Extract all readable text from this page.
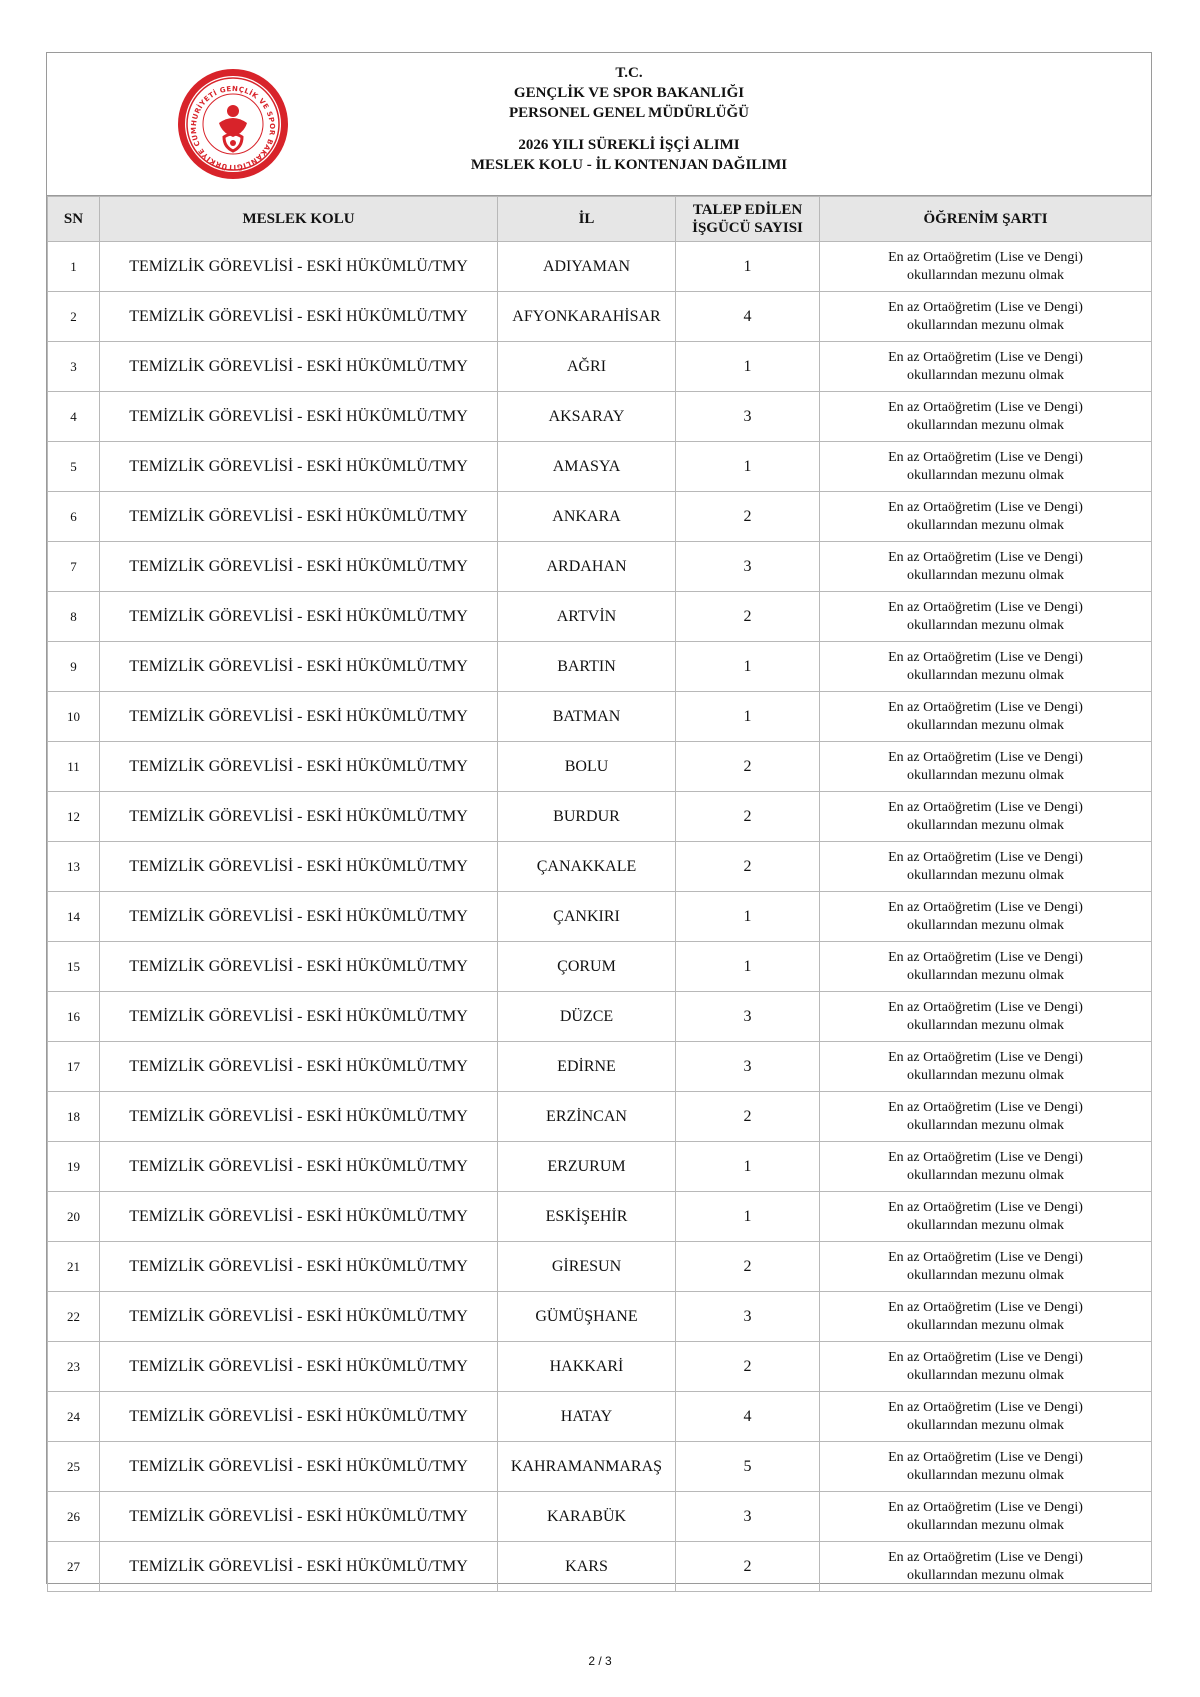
TÜRKİYE CUMHURİYETİ GENÇLİK VE SPOR BAKANLIĞI
T.C.
GENÇLİK VE SPOR BAKANLIĞI
PERSONEL GENEL MÜDÜRLÜĞÜ
2026 YILI SÜREKLİ İŞÇİ ALIMI
MESLEK KOLU - İL KONTENJAN DAĞILIMI
SN	MESLEK KOLU	İL	TALEP EDİLEN
İŞGÜCÜ SAYISI	ÖĞRENİM ŞARTI
1	TEMİZLİK GÖREVLİSİ - ESKİ HÜKÜMLÜ/TMY	ADIYAMAN	1	En az Ortaöğretim (Lise ve Dengi)
okullarından mezunu olmak

2	TEMİZLİK GÖREVLİSİ - ESKİ HÜKÜMLÜ/TMY	AFYONKARAHİSAR	4	En az Ortaöğretim (Lise ve Dengi)
okullarından mezunu olmak

3	TEMİZLİK GÖREVLİSİ - ESKİ HÜKÜMLÜ/TMY	AĞRI	1	En az Ortaöğretim (Lise ve Dengi)
okullarından mezunu olmak

4	TEMİZLİK GÖREVLİSİ - ESKİ HÜKÜMLÜ/TMY	AKSARAY	3	En az Ortaöğretim (Lise ve Dengi)
okullarından mezunu olmak

5	TEMİZLİK GÖREVLİSİ - ESKİ HÜKÜMLÜ/TMY	AMASYA	1	En az Ortaöğretim (Lise ve Dengi)
okullarından mezunu olmak

6	TEMİZLİK GÖREVLİSİ - ESKİ HÜKÜMLÜ/TMY	ANKARA	2	En az Ortaöğretim (Lise ve Dengi)
okullarından mezunu olmak

7	TEMİZLİK GÖREVLİSİ - ESKİ HÜKÜMLÜ/TMY	ARDAHAN	3	En az Ortaöğretim (Lise ve Dengi)
okullarından mezunu olmak

8	TEMİZLİK GÖREVLİSİ - ESKİ HÜKÜMLÜ/TMY	ARTVİN	2	En az Ortaöğretim (Lise ve Dengi)
okullarından mezunu olmak

9	TEMİZLİK GÖREVLİSİ - ESKİ HÜKÜMLÜ/TMY	BARTIN	1	En az Ortaöğretim (Lise ve Dengi)
okullarından mezunu olmak

10	TEMİZLİK GÖREVLİSİ - ESKİ HÜKÜMLÜ/TMY	BATMAN	1	En az Ortaöğretim (Lise ve Dengi)
okullarından mezunu olmak

11	TEMİZLİK GÖREVLİSİ - ESKİ HÜKÜMLÜ/TMY	BOLU	2	En az Ortaöğretim (Lise ve Dengi)
okullarından mezunu olmak

12	TEMİZLİK GÖREVLİSİ - ESKİ HÜKÜMLÜ/TMY	BURDUR	2	En az Ortaöğretim (Lise ve Dengi)
okullarından mezunu olmak

13	TEMİZLİK GÖREVLİSİ - ESKİ HÜKÜMLÜ/TMY	ÇANAKKALE	2	En az Ortaöğretim (Lise ve Dengi)
okullarından mezunu olmak

14	TEMİZLİK GÖREVLİSİ - ESKİ HÜKÜMLÜ/TMY	ÇANKIRI	1	En az Ortaöğretim (Lise ve Dengi)
okullarından mezunu olmak

15	TEMİZLİK GÖREVLİSİ - ESKİ HÜKÜMLÜ/TMY	ÇORUM	1	En az Ortaöğretim (Lise ve Dengi)
okullarından mezunu olmak

16	TEMİZLİK GÖREVLİSİ - ESKİ HÜKÜMLÜ/TMY	DÜZCE	3	En az Ortaöğretim (Lise ve Dengi)
okullarından mezunu olmak

17	TEMİZLİK GÖREVLİSİ - ESKİ HÜKÜMLÜ/TMY	EDİRNE	3	En az Ortaöğretim (Lise ve Dengi)
okullarından mezunu olmak

18	TEMİZLİK GÖREVLİSİ - ESKİ HÜKÜMLÜ/TMY	ERZİNCAN	2	En az Ortaöğretim (Lise ve Dengi)
okullarından mezunu olmak

19	TEMİZLİK GÖREVLİSİ - ESKİ HÜKÜMLÜ/TMY	ERZURUM	1	En az Ortaöğretim (Lise ve Dengi)
okullarından mezunu olmak

20	TEMİZLİK GÖREVLİSİ - ESKİ HÜKÜMLÜ/TMY	ESKİŞEHİR	1	En az Ortaöğretim (Lise ve Dengi)
okullarından mezunu olmak

21	TEMİZLİK GÖREVLİSİ - ESKİ HÜKÜMLÜ/TMY	GİRESUN	2	En az Ortaöğretim (Lise ve Dengi)
okullarından mezunu olmak

22	TEMİZLİK GÖREVLİSİ - ESKİ HÜKÜMLÜ/TMY	GÜMÜŞHANE	3	En az Ortaöğretim (Lise ve Dengi)
okullarından mezunu olmak

23	TEMİZLİK GÖREVLİSİ - ESKİ HÜKÜMLÜ/TMY	HAKKARİ	2	En az Ortaöğretim (Lise ve Dengi)
okullarından mezunu olmak

24	TEMİZLİK GÖREVLİSİ - ESKİ HÜKÜMLÜ/TMY	HATAY	4	En az Ortaöğretim (Lise ve Dengi)
okullarından mezunu olmak

25	TEMİZLİK GÖREVLİSİ - ESKİ HÜKÜMLÜ/TMY	KAHRAMANMARAŞ	5	En az Ortaöğretim (Lise ve Dengi)
okullarından mezunu olmak

26	TEMİZLİK GÖREVLİSİ - ESKİ HÜKÜMLÜ/TMY	KARABÜK	3	En az Ortaöğretim (Lise ve Dengi)
okullarından mezunu olmak

27	TEMİZLİK GÖREVLİSİ - ESKİ HÜKÜMLÜ/TMY	KARS	2	En az Ortaöğretim (Lise ve Dengi)
okullarından mezunu olmak
2 / 3
